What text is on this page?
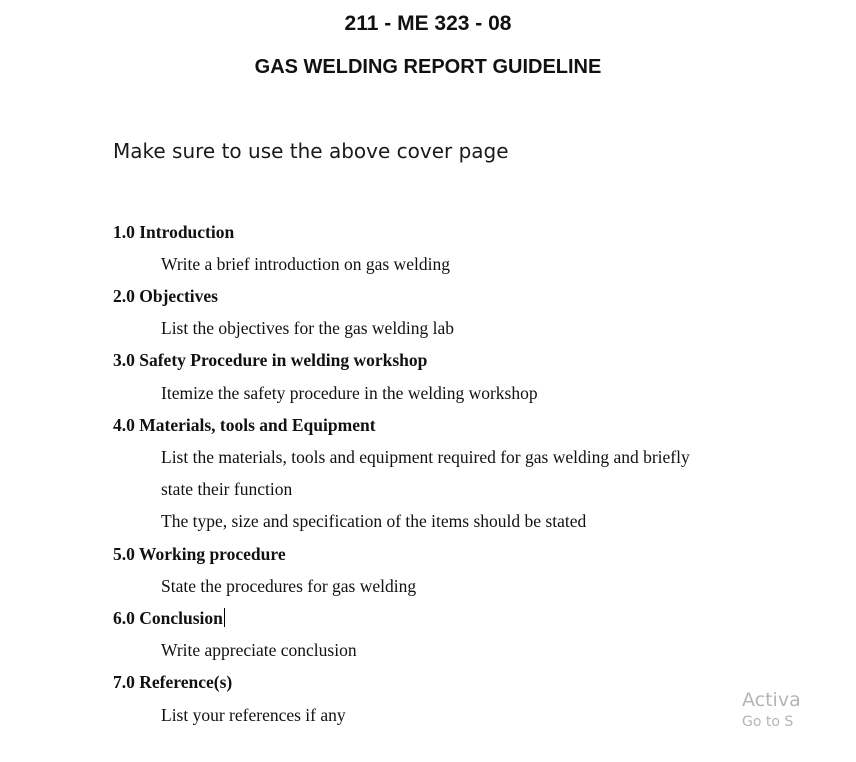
211 - ME 323 - 08
GAS WELDING REPORT GUIDELINE
Make sure to use the above cover page
1.0 Introduction
Write a brief introduction on gas welding
2.0 Objectives
List the objectives for the gas welding lab
3.0 Safety Procedure in welding workshop
Itemize the safety procedure in the welding workshop
4.0 Materials, tools and Equipment
List the materials, tools and equipment required for gas welding and briefly
state their function
The type, size and specification of the items should be stated
5.0 Working procedure
State the procedures for gas welding
6.0 Conclusion
Write appreciate conclusion
7.0 Reference(s)
List your references if any
Activa
Go to S
